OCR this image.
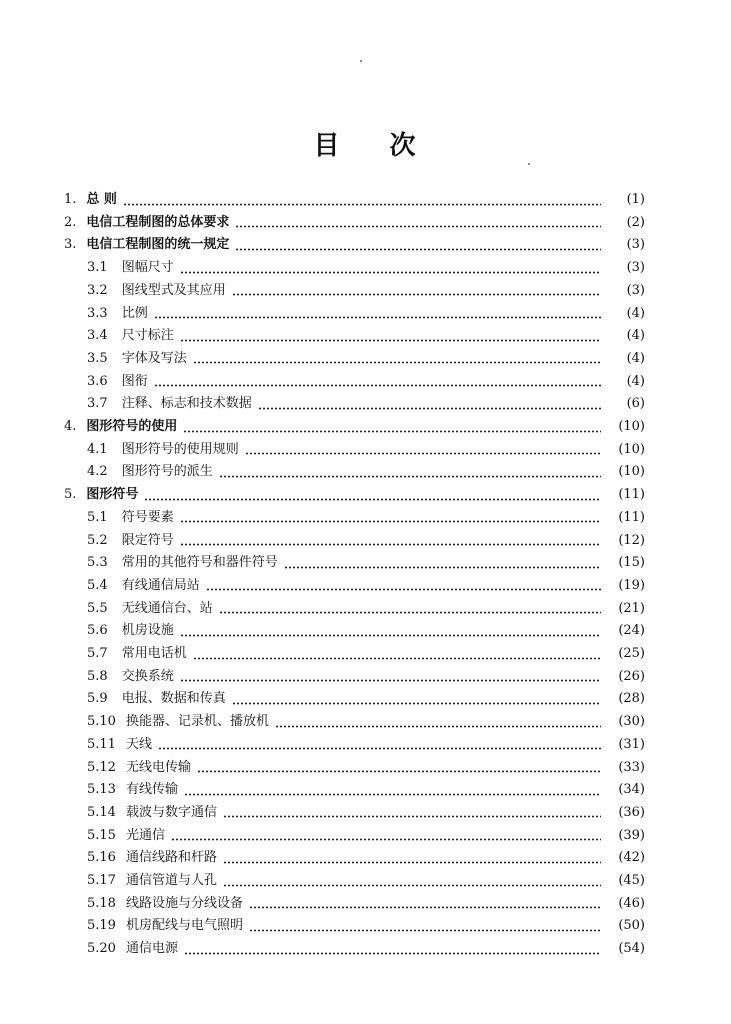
目 次
1. 总 则	(1)
2. 电信工程制图的总体要求	(2)
3. 电信工程制图的统一规定	(3)
3.1 图幅尺寸	(3)
3.2 图线型式及其应用	(3)
3.3 比例	(4)
3.4 尺寸标注	(4)
3.5 字体及写法	(4)
3.6 图衔	(4)
3.7 注释、标志和技术数据	(6)
4. 图形符号的使用	(10)
4.1 图形符号的使用规则	(10)
4.2 图形符号的派生	(10)
5. 图形符号	(11)
5.1 符号要素	(11)
5.2 限定符号	(12)
5.3 常用的其他符号和器件符号	(15)
5.4 有线通信局站	(19)
5.5 无线通信台、站	(21)
5.6 机房设施	(24)
5.7 常用电话机	(25)
5.8 交换系统	(26)
5.9 电报、数据和传真	(28)
5.10 换能器、记录机、播放机	(30)
5.11 天线	(31)
5.12 无线电传输	(33)
5.13 有线传输	(34)
5.14 载波与数字通信	(36)
5.15 光通信	(39)
5.16 通信线路和杆路	(42)
5.17 通信管道与人孔	(45)
5.18 线路设施与分线设备	(46)
5.19 机房配线与电气照明	(50)
5.20 通信电源	(54)
